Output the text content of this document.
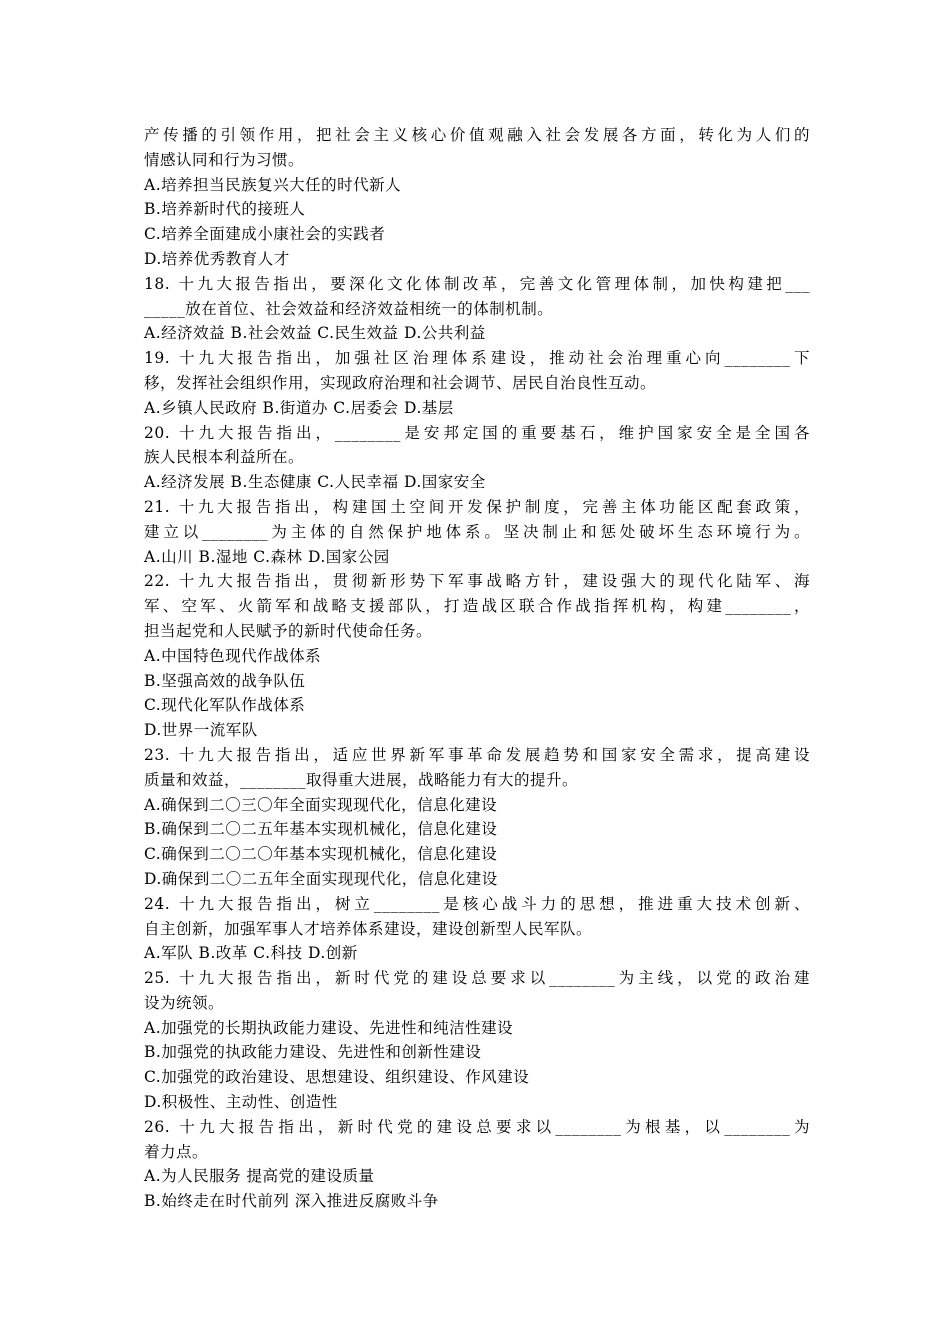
产传播的引领作用，把社会主义核心价值观融入社会发展各方面，转化为人们的
情感认同和行为习惯。
A.培养担当民族复兴大任的时代新人
B.培养新时代的接班人
C.培养全面建成小康社会的实践者
D.培养优秀教育人才
18. 十九大报告指出，要深化文化体制改革，完善文化管理体制，加快构建把___
_____放在首位、社会效益和经济效益相统一的体制机制。
A.经济效益 B.社会效益 C.民生效益 D.公共利益
19. 十九大报告指出，加强社区治理体系建设，推动社会治理重心向________下
移，发挥社会组织作用，实现政府治理和社会调节、居民自治良性互动。
A.乡镇人民政府 B.街道办 C.居委会 D.基层
20. 十九大报告指出，________是安邦定国的重要基石，维护国家安全是全国各
族人民根本利益所在。
A.经济发展 B.生态健康 C.人民幸福 D.国家安全
21. 十九大报告指出，构建国土空间开发保护制度，完善主体功能区配套政策，
建立以________为主体的自然保护地体系。坚决制止和惩处破坏生态环境行为。
A.山川 B.湿地 C.森林 D.国家公园
22. 十九大报告指出，贯彻新形势下军事战略方针，建设强大的现代化陆军、海
军、空军、火箭军和战略支援部队，打造战区联合作战指挥机构，构建________，
担当起党和人民赋予的新时代使命任务。
A.中国特色现代作战体系
B.坚强高效的战争队伍
C.现代化军队作战体系
D.世界一流军队
23. 十九大报告指出，适应世界新军事革命发展趋势和国家安全需求，提高建设
质量和效益，________取得重大进展，战略能力有大的提升。
A.确保到二〇三〇年全面实现现代化，信息化建设
B.确保到二〇二五年基本实现机械化，信息化建设
C.确保到二〇二〇年基本实现机械化，信息化建设
D.确保到二〇二五年全面实现现代化，信息化建设
24. 十九大报告指出，树立________是核心战斗力的思想，推进重大技术创新、
自主创新，加强军事人才培养体系建设，建设创新型人民军队。
A.军队 B.改革 C.科技 D.创新
25. 十九大报告指出，新时代党的建设总要求以________为主线，以党的政治建
设为统领。
A.加强党的长期执政能力建设、先进性和纯洁性建设
B.加强党的执政能力建设、先进性和创新性建设
C.加强党的政治建设、思想建设、组织建设、作风建设
D.积极性、主动性、创造性
26. 十九大报告指出，新时代党的建设总要求以________为根基，以________为
着力点。
A.为人民服务 提高党的建设质量
B.始终走在时代前列 深入推进反腐败斗争
